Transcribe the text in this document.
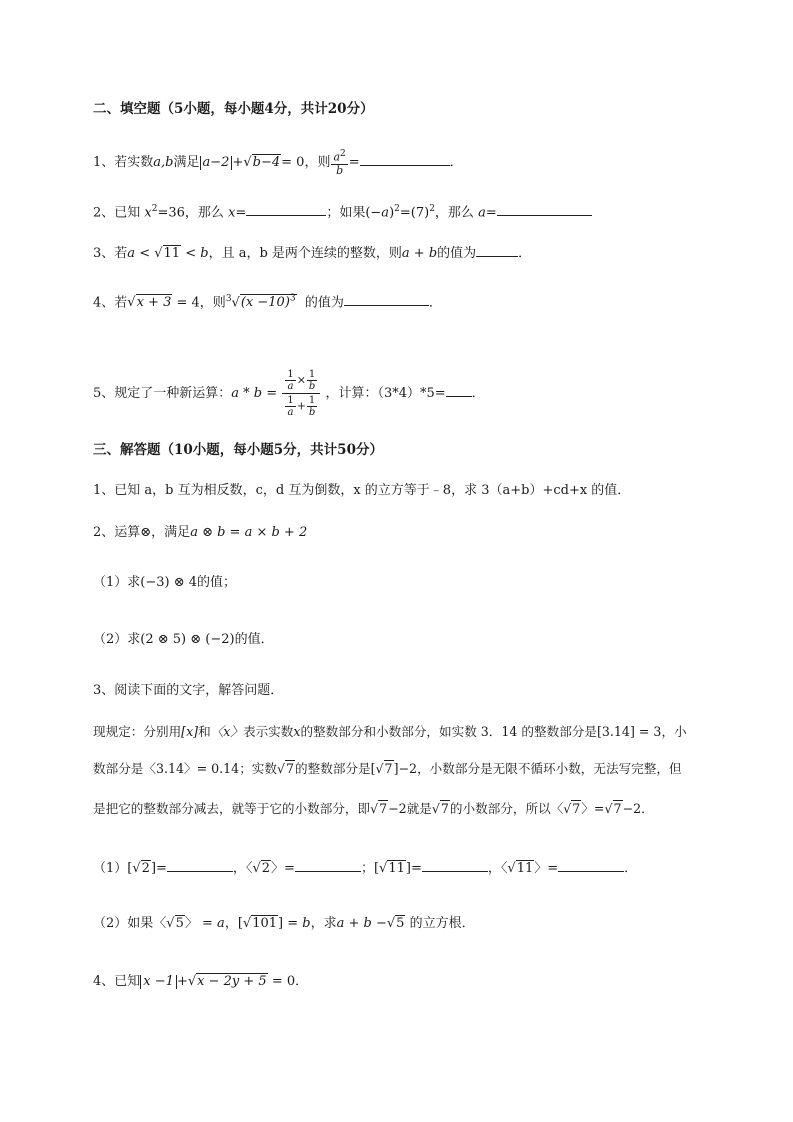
二、填空题（5小题，每小题4分，共计20分）
1、若实数a,b满足 a−2 +√b−4= 0，则 $\frac{a^2}{b}$ =	．
2、已知 $x^2=36$，那么 x=	；如果$(-a)^2=(7)^2$，那么 a=
3、若a < √11 < b，且 a，b 是两个连续的整数，则a + b的值为	．
4、若√x + 3 = 4，则$^3√(x -10)^3$ 的值为	．
5、规定了一种新运算：$a * b = \frac{\frac{1}{a} \times \frac{1}{b}}{\frac{1}{a} + \frac{1}{b}}$ ，计算：（3*4）*5= ．
三、解答题（10小题，每小题5分，共计50分）
1、已知 a，b 互为相反数，c，d 互为倒数，x 的立方等于﹣8，求 3（a+b）+cd+x 的值．
2、运算⊗，满足a ⊗ b = a × b + 2
（1）求(−3) ⊗ 4的值；
（2）求(2 ⊗ 5) ⊗ (−2)的值．
3、阅读下面的文字，解答问题．
现规定：分别用[x]和〈x〉表示实数x的整数部分和小数部分，如实数 3．14 的整数部分是[3.14] = 3，小
数部分是〈3.14〉= 0.14；实数√7的整数部分是[√7]−2，小数部分是无限不循环小数，无法写完整，但
是把它的整数部分减去，就等于它的小数部分，即√7−2就是√7的小数部分，所以〈√7〉=√7−2．
（1）[√2]=	，〈√2〉=	；[√11]=	，〈√11〉=	．
（2）如果〈√5〉 = a，[√101] = b，求a + b −√5 的立方根．
4、已知 x −1 +√x − 2y + 5 = 0．
